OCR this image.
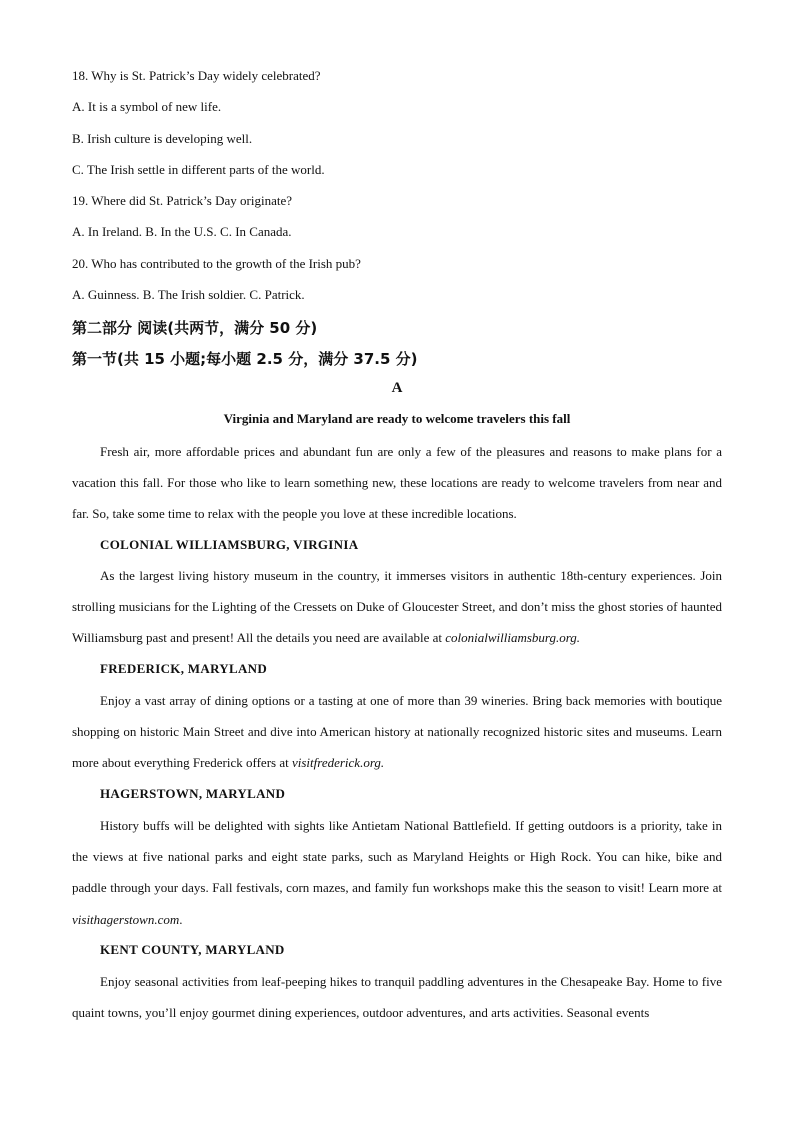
18. Why is St. Patrick’s Day widely celebrated?
A. It is a symbol of new life.
B. Irish culture is developing well.
C. The Irish settle in different parts of the world.
19. Where did St. Patrick’s Day originate?
A. In Ireland. B. In the U.S. C. In Canada.
20. Who has contributed to the growth of the Irish pub?
A. Guinness. B. The Irish soldier. C. Patrick.
第二部分 阅读(共两节，满分 50 分)
第一节(共 15 小题;每小题 2.5 分，满分 37.5 分)
A
Virginia and Maryland are ready to welcome travelers this fall
Fresh air, more affordable prices and abundant fun are only a few of the pleasures and reasons to make plans for a vacation this fall. For those who like to learn something new, these locations are ready to welcome travelers from near and far. So, take some time to relax with the people you love at these incredible locations.
COLONIAL WILLIAMSBURG, VIRGINIA
As the largest living history museum in the country, it immerses visitors in authentic 18th-century experiences. Join strolling musicians for the Lighting of the Cressets on Duke of Gloucester Street, and don’t miss the ghost stories of haunted Williamsburg past and present! All the details you need are available at colonialwilliamsburg.org.
FREDERICK, MARYLAND
Enjoy a vast array of dining options or a tasting at one of more than 39 wineries. Bring back memories with boutique shopping on historic Main Street and dive into American history at nationally recognized historic sites and museums. Learn more about everything Frederick offers at visitfrederick.org.
HAGERSTOWN, MARYLAND
History buffs will be delighted with sights like Antietam National Battlefield. If getting outdoors is a priority, take in the views at five national parks and eight state parks, such as Maryland Heights or High Rock. You can hike, bike and paddle through your days. Fall festivals, corn mazes, and family fun workshops make this the season to visit! Learn more at visithagerstown.com.
KENT COUNTY, MARYLAND
Enjoy seasonal activities from leaf-peeping hikes to tranquil paddling adventures in the Chesapeake Bay. Home to five quaint towns, you’ll enjoy gourmet dining experiences, outdoor adventures, and arts activities. Seasonal events
